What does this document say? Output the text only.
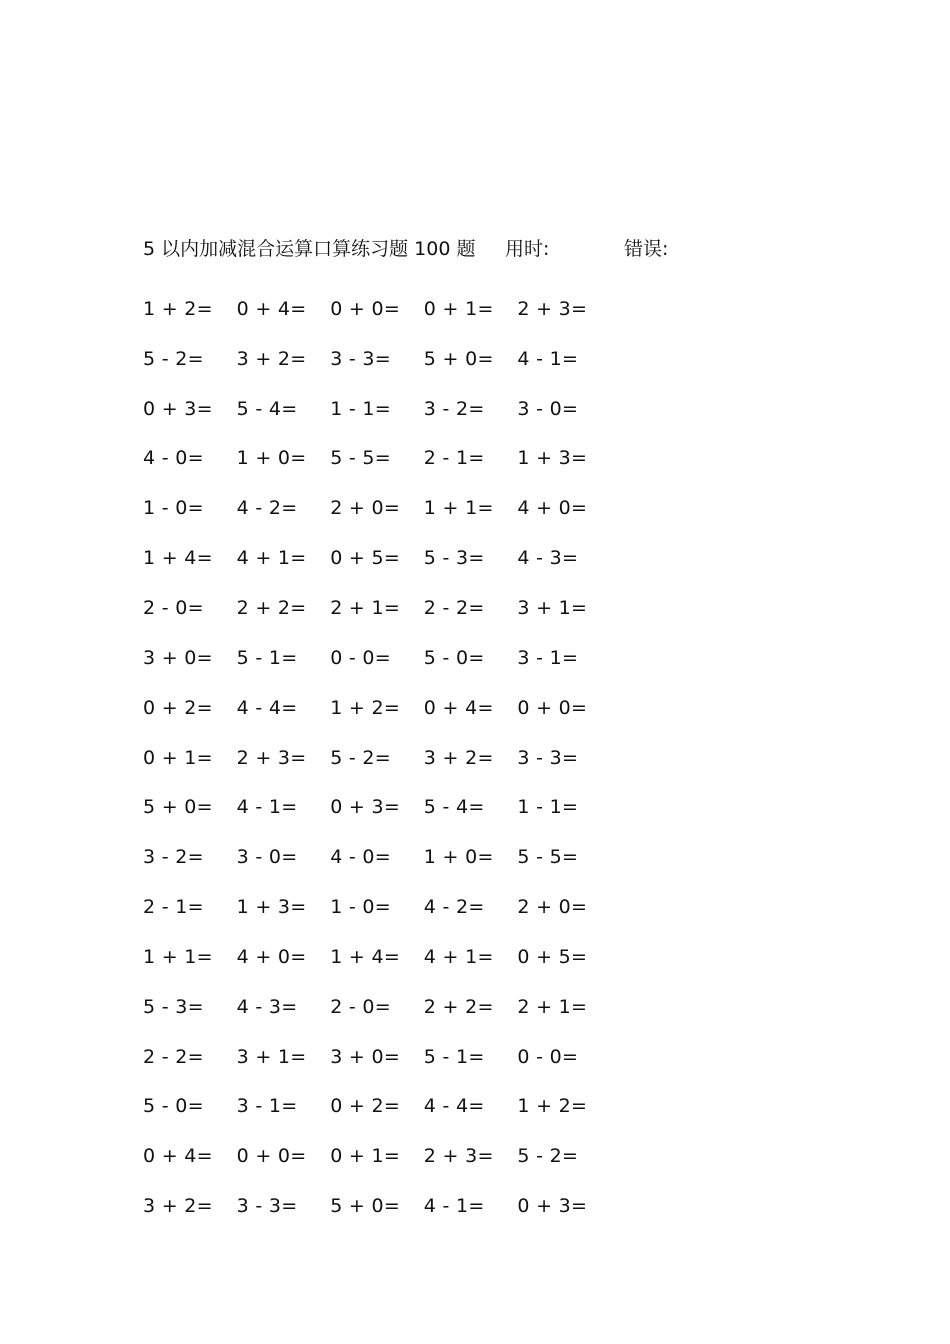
5 以内加减混合运算口算练习题 100 题 用时:	错误:
1 + 2=	0 + 4=	0 + 0=	0 + 1=	2 + 3=
5 - 2=	3 + 2=	3 - 3=	5 + 0=	4 - 1=
0 + 3=	5 - 4=	1 - 1=	3 - 2=	3 - 0=
4 - 0=	1 + 0=	5 - 5=	2 - 1=	1 + 3=
1 - 0=	4 - 2=	2 + 0=	1 + 1=	4 + 0=
1 + 4=	4 + 1=	0 + 5=	5 - 3=	4 - 3=
2 - 0=	2 + 2=	2 + 1=	2 - 2=	3 + 1=
3 + 0=	5 - 1=	0 - 0=	5 - 0=	3 - 1=
0 + 2=	4 - 4=	1 + 2=	0 + 4=	0 + 0=
0 + 1=	2 + 3=	5 - 2=	3 + 2=	3 - 3=
5 + 0=	4 - 1=	0 + 3=	5 - 4=	1 - 1=
3 - 2=	3 - 0=	4 - 0=	1 + 0=	5 - 5=
2 - 1=	1 + 3=	1 - 0=	4 - 2=	2 + 0=
1 + 1=	4 + 0=	1 + 4=	4 + 1=	0 + 5=
5 - 3=	4 - 3=	2 - 0=	2 + 2=	2 + 1=
2 - 2=	3 + 1=	3 + 0=	5 - 1=	0 - 0=
5 - 0=	3 - 1=	0 + 2=	4 - 4=	1 + 2=
0 + 4=	0 + 0=	0 + 1=	2 + 3=	5 - 2=
3 + 2=	3 - 3=	5 + 0=	4 - 1=	0 + 3=
